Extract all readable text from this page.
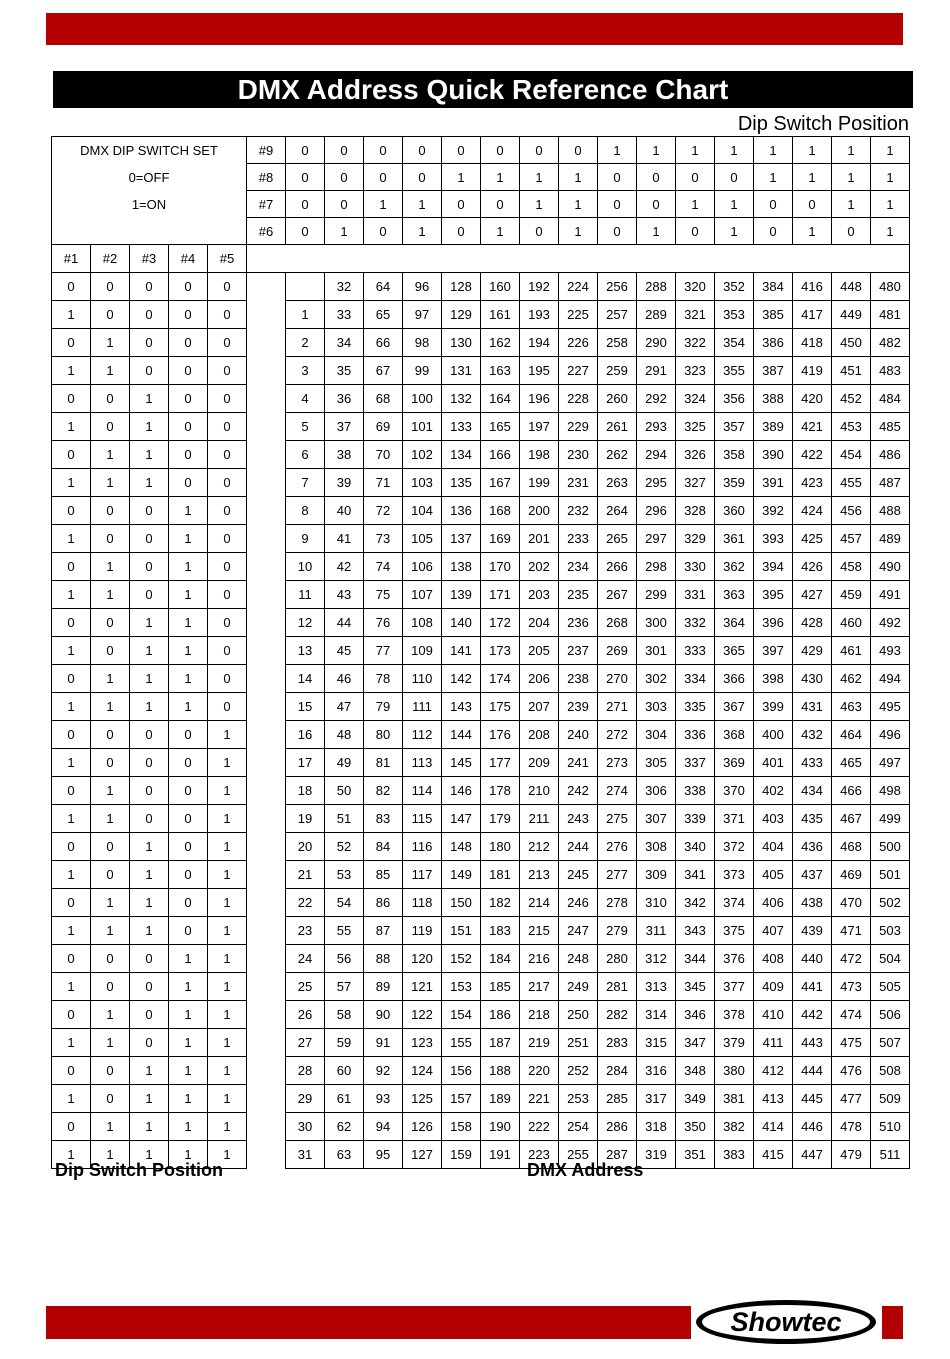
DMX Address Quick Reference Chart
Dip Switch Position
DMX DIP SWITCH SET					#9	0	0	0	0	0	0	0	0	1	1	1	1	1	1	1	1
0=OFF					#8	0	0	0	0	1	1	1	1	0	0	0	0	1	1	1	1
1=ON					#7	0	0	1	1	0	0	1	1	0	0	1	1	0	0	1	1
					#6	0	1	0	1	0	1	0	1	0	1	0	1	0	1	0	1
#1	#2	#3	#4	#5																	
0	0	0	0	0			32	64	96	128	160	192	224	256	288	320	352	384	416	448	480
1	0	0	0	0		1	33	65	97	129	161	193	225	257	289	321	353	385	417	449	481
0	1	0	0	0		2	34	66	98	130	162	194	226	258	290	322	354	386	418	450	482
1	1	0	0	0		3	35	67	99	131	163	195	227	259	291	323	355	387	419	451	483
0	0	1	0	0		4	36	68	100	132	164	196	228	260	292	324	356	388	420	452	484
1	0	1	0	0		5	37	69	101	133	165	197	229	261	293	325	357	389	421	453	485
0	1	1	0	0		6	38	70	102	134	166	198	230	262	294	326	358	390	422	454	486
1	1	1	0	0		7	39	71	103	135	167	199	231	263	295	327	359	391	423	455	487
0	0	0	1	0		8	40	72	104	136	168	200	232	264	296	328	360	392	424	456	488
1	0	0	1	0		9	41	73	105	137	169	201	233	265	297	329	361	393	425	457	489
0	1	0	1	0		10	42	74	106	138	170	202	234	266	298	330	362	394	426	458	490
1	1	0	1	0		11	43	75	107	139	171	203	235	267	299	331	363	395	427	459	491
0	0	1	1	0		12	44	76	108	140	172	204	236	268	300	332	364	396	428	460	492
1	0	1	1	0		13	45	77	109	141	173	205	237	269	301	333	365	397	429	461	493
0	1	1	1	0		14	46	78	110	142	174	206	238	270	302	334	366	398	430	462	494
1	1	1	1	0		15	47	79	111	143	175	207	239	271	303	335	367	399	431	463	495
0	0	0	0	1		16	48	80	112	144	176	208	240	272	304	336	368	400	432	464	496
1	0	0	0	1		17	49	81	113	145	177	209	241	273	305	337	369	401	433	465	497
0	1	0	0	1		18	50	82	114	146	178	210	242	274	306	338	370	402	434	466	498
1	1	0	0	1		19	51	83	115	147	179	211	243	275	307	339	371	403	435	467	499
0	0	1	0	1		20	52	84	116	148	180	212	244	276	308	340	372	404	436	468	500
1	0	1	0	1		21	53	85	117	149	181	213	245	277	309	341	373	405	437	469	501
0	1	1	0	1		22	54	86	118	150	182	214	246	278	310	342	374	406	438	470	502
1	1	1	0	1		23	55	87	119	151	183	215	247	279	311	343	375	407	439	471	503
0	0	0	1	1		24	56	88	120	152	184	216	248	280	312	344	376	408	440	472	504
1	0	0	1	1		25	57	89	121	153	185	217	249	281	313	345	377	409	441	473	505
0	1	0	1	1		26	58	90	122	154	186	218	250	282	314	346	378	410	442	474	506
1	1	0	1	1		27	59	91	123	155	187	219	251	283	315	347	379	411	443	475	507
0	0	1	1	1		28	60	92	124	156	188	220	252	284	316	348	380	412	444	476	508
1	0	1	1	1		29	61	93	125	157	189	221	253	285	317	349	381	413	445	477	509
0	1	1	1	1		30	62	94	126	158	190	222	254	286	318	350	382	414	446	478	510
1	1	1	1	1		31	63	95	127	159	191	223	255	287	319	351	383	415	447	479	511
Dip Switch Position	DMX Address
Showtec
